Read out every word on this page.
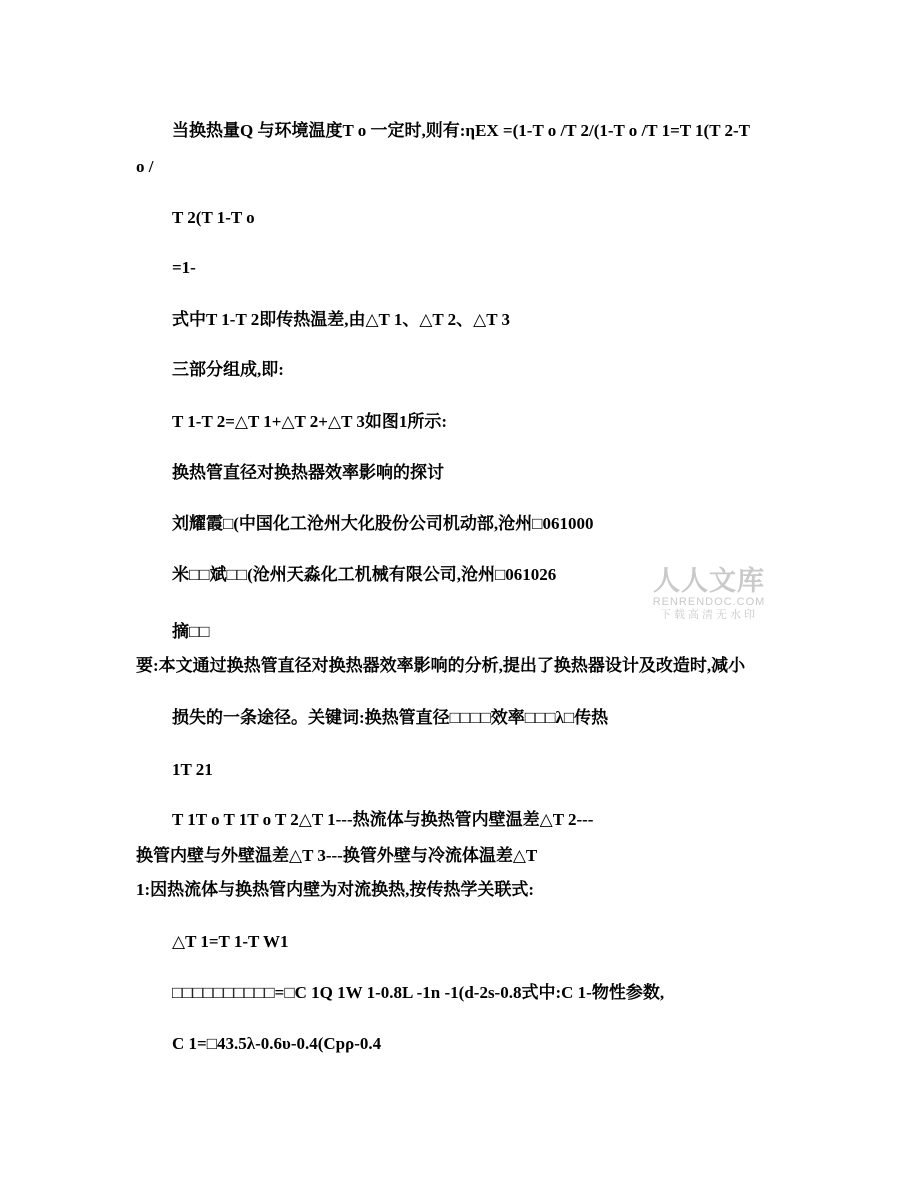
当换热量Q 与环境温度T o 一定时,则有:ηEX =(1-T o /T 2/(1-T o /T 1=T 1(T 2-T
o /
T 2(T 1-T o
=1-
式中T 1-T 2即传热温差,由△T 1、△T 2、△T 3
三部分组成,即:
T 1-T 2=△T 1+△T 2+△T 3如图1所示:
换热管直径对换热器效率影响的探讨
刘耀霞□(中国化工沧州大化股份公司机动部,沧州□061000
米□□斌□□(沧州天淼化工机械有限公司,沧州□061026
摘□□
要:本文通过换热管直径对换热器效率影响的分析,提出了换热器设计及改造时,减小
损失的一条途径。关键词:换热管直径□□□□效率□□□λ□传热
1T 21
T 1T o T 1T o T 2△T 1---热流体与换热管内壁温差△T 2---
换管内壁与外壁温差△T 3---换管外壁与冷流体温差△T
1:因热流体与换热管内壁为对流换热,按传热学关联式:
△T 1=T 1-T W1
□□□□□□□□□□=□C 1Q 1W 1-0.8L -1n -1(d-2s-0.8式中:C 1-物性参数,
C 1=□43.5λ-0.6υ-0.4(Cpρ-0.4
人人文库
RENRENDOC.COM
下载高清无水印
